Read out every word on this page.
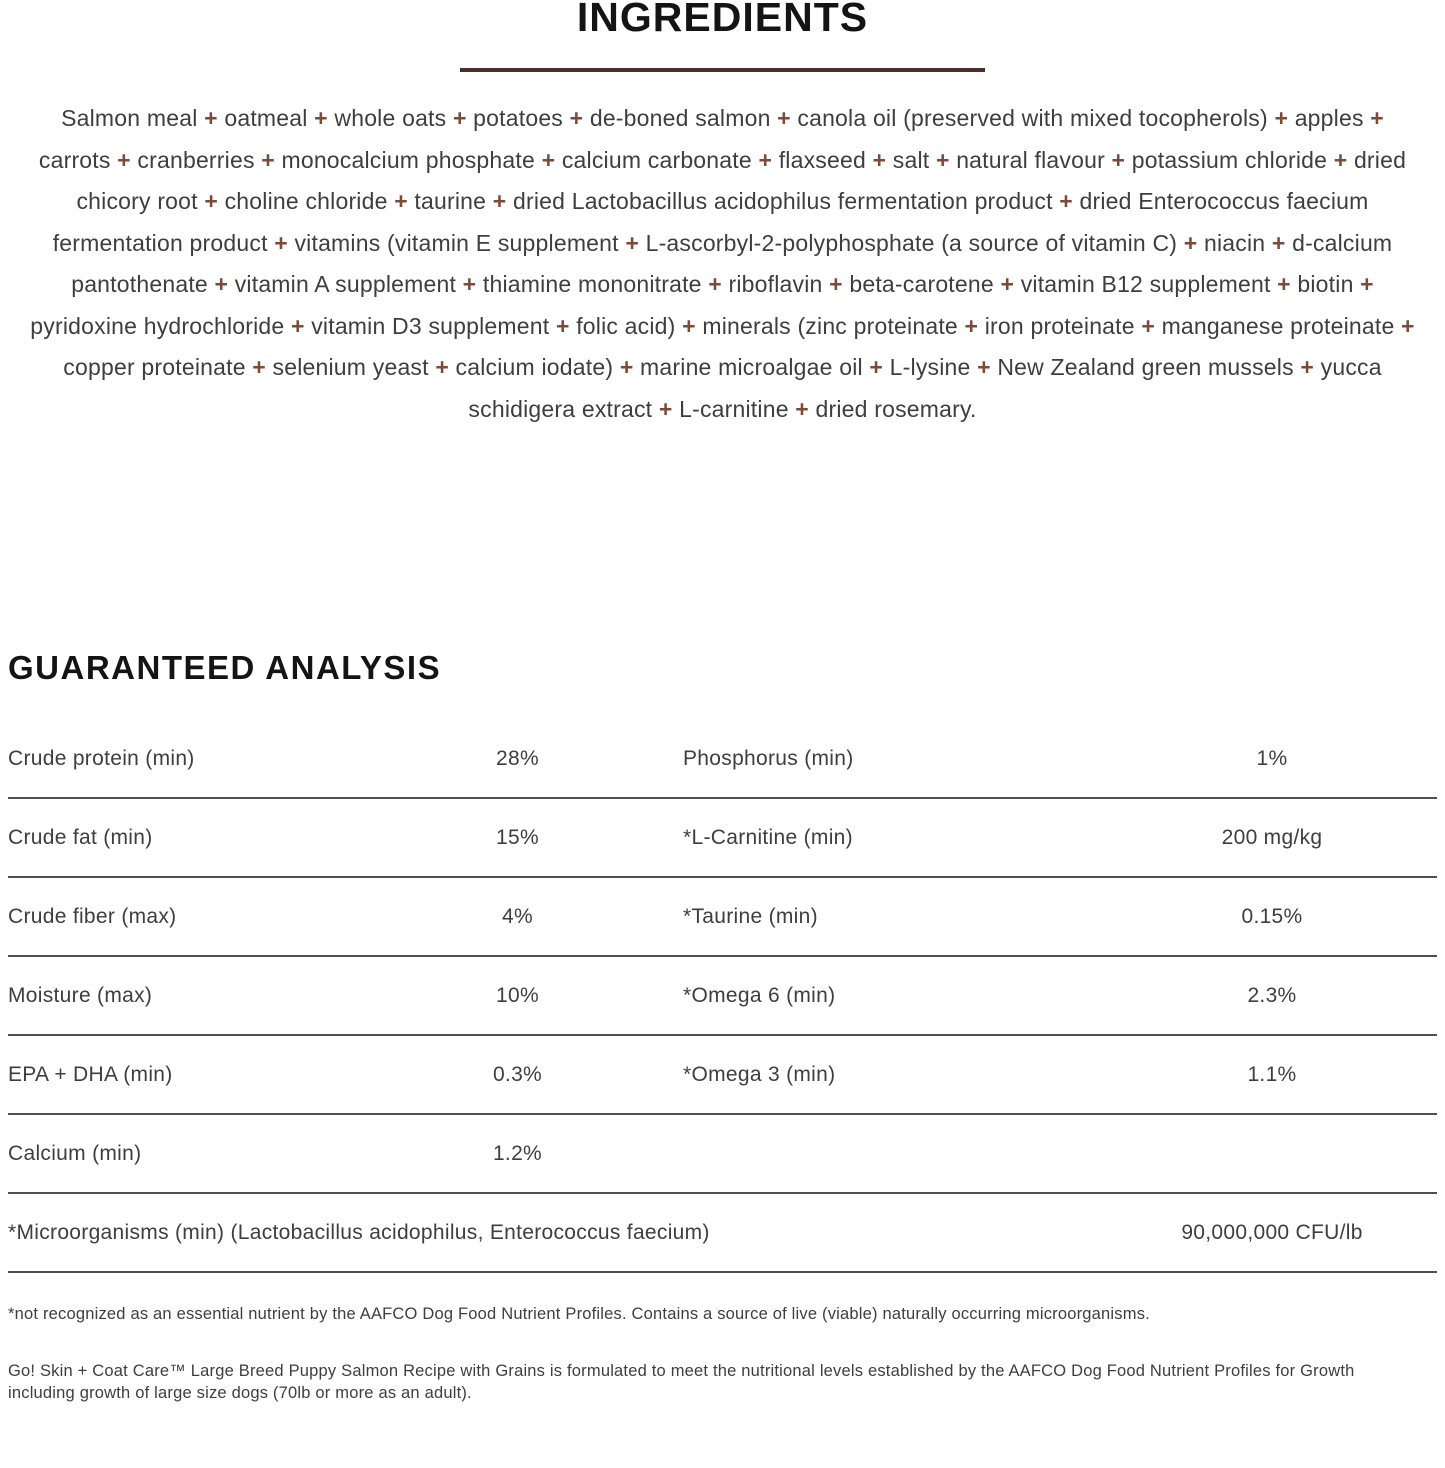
INGREDIENTS

Salmon meal + oatmeal + whole oats + potatoes + de-boned salmon + canola oil (preserved with mixed tocopherols) + apples + carrots + cranberries + monocalcium phosphate + calcium carbonate + flaxseed + salt + natural flavour + potassium chloride + dried chicory root + choline chloride + taurine + dried Lactobacillus acidophilus fermentation product + dried Enterococcus faecium fermentation product + vitamins (vitamin E supplement + L-ascorbyl-2-polyphosphate (a source of vitamin C) + niacin + d-calcium pantothenate + vitamin A supplement + thiamine mononitrate + riboflavin + beta-carotene + vitamin B12 supplement + biotin + pyridoxine hydrochloride + vitamin D3 supplement + folic acid) + minerals (zinc proteinate + iron proteinate + manganese proteinate + copper proteinate + selenium yeast + calcium iodate) + marine microalgae oil + L-lysine + New Zealand green mussels + yucca schidigera extract + L-carnitine + dried rosemary.

GUARANTEED ANALYSIS
Crude protein (min)	28%	Phosphorus (min)	1%
Crude fat (min)	15%	*L-Carnitine (min)	200 mg/kg
Crude fiber (max)	4%	*Taurine (min)	0.15%
Moisture (max)	10%	*Omega 6 (min)	2.3%
EPA + DHA (min)	0.3%	*Omega 3 (min)	1.1%
Calcium (min)	1.2%
*Microorganisms (min) (Lactobacillus acidophilus, Enterococcus faecium)	90,000,000 CFU/lb

*not recognized as an essential nutrient by the AAFCO Dog Food Nutrient Profiles. Contains a source of live (viable) naturally occurring microorganisms.

Go! Skin + Coat Care™ Large Breed Puppy Salmon Recipe with Grains is formulated to meet the nutritional levels established by the AAFCO Dog Food Nutrient Profiles for Growth including growth of large size dogs (70lb or more as an adult).
